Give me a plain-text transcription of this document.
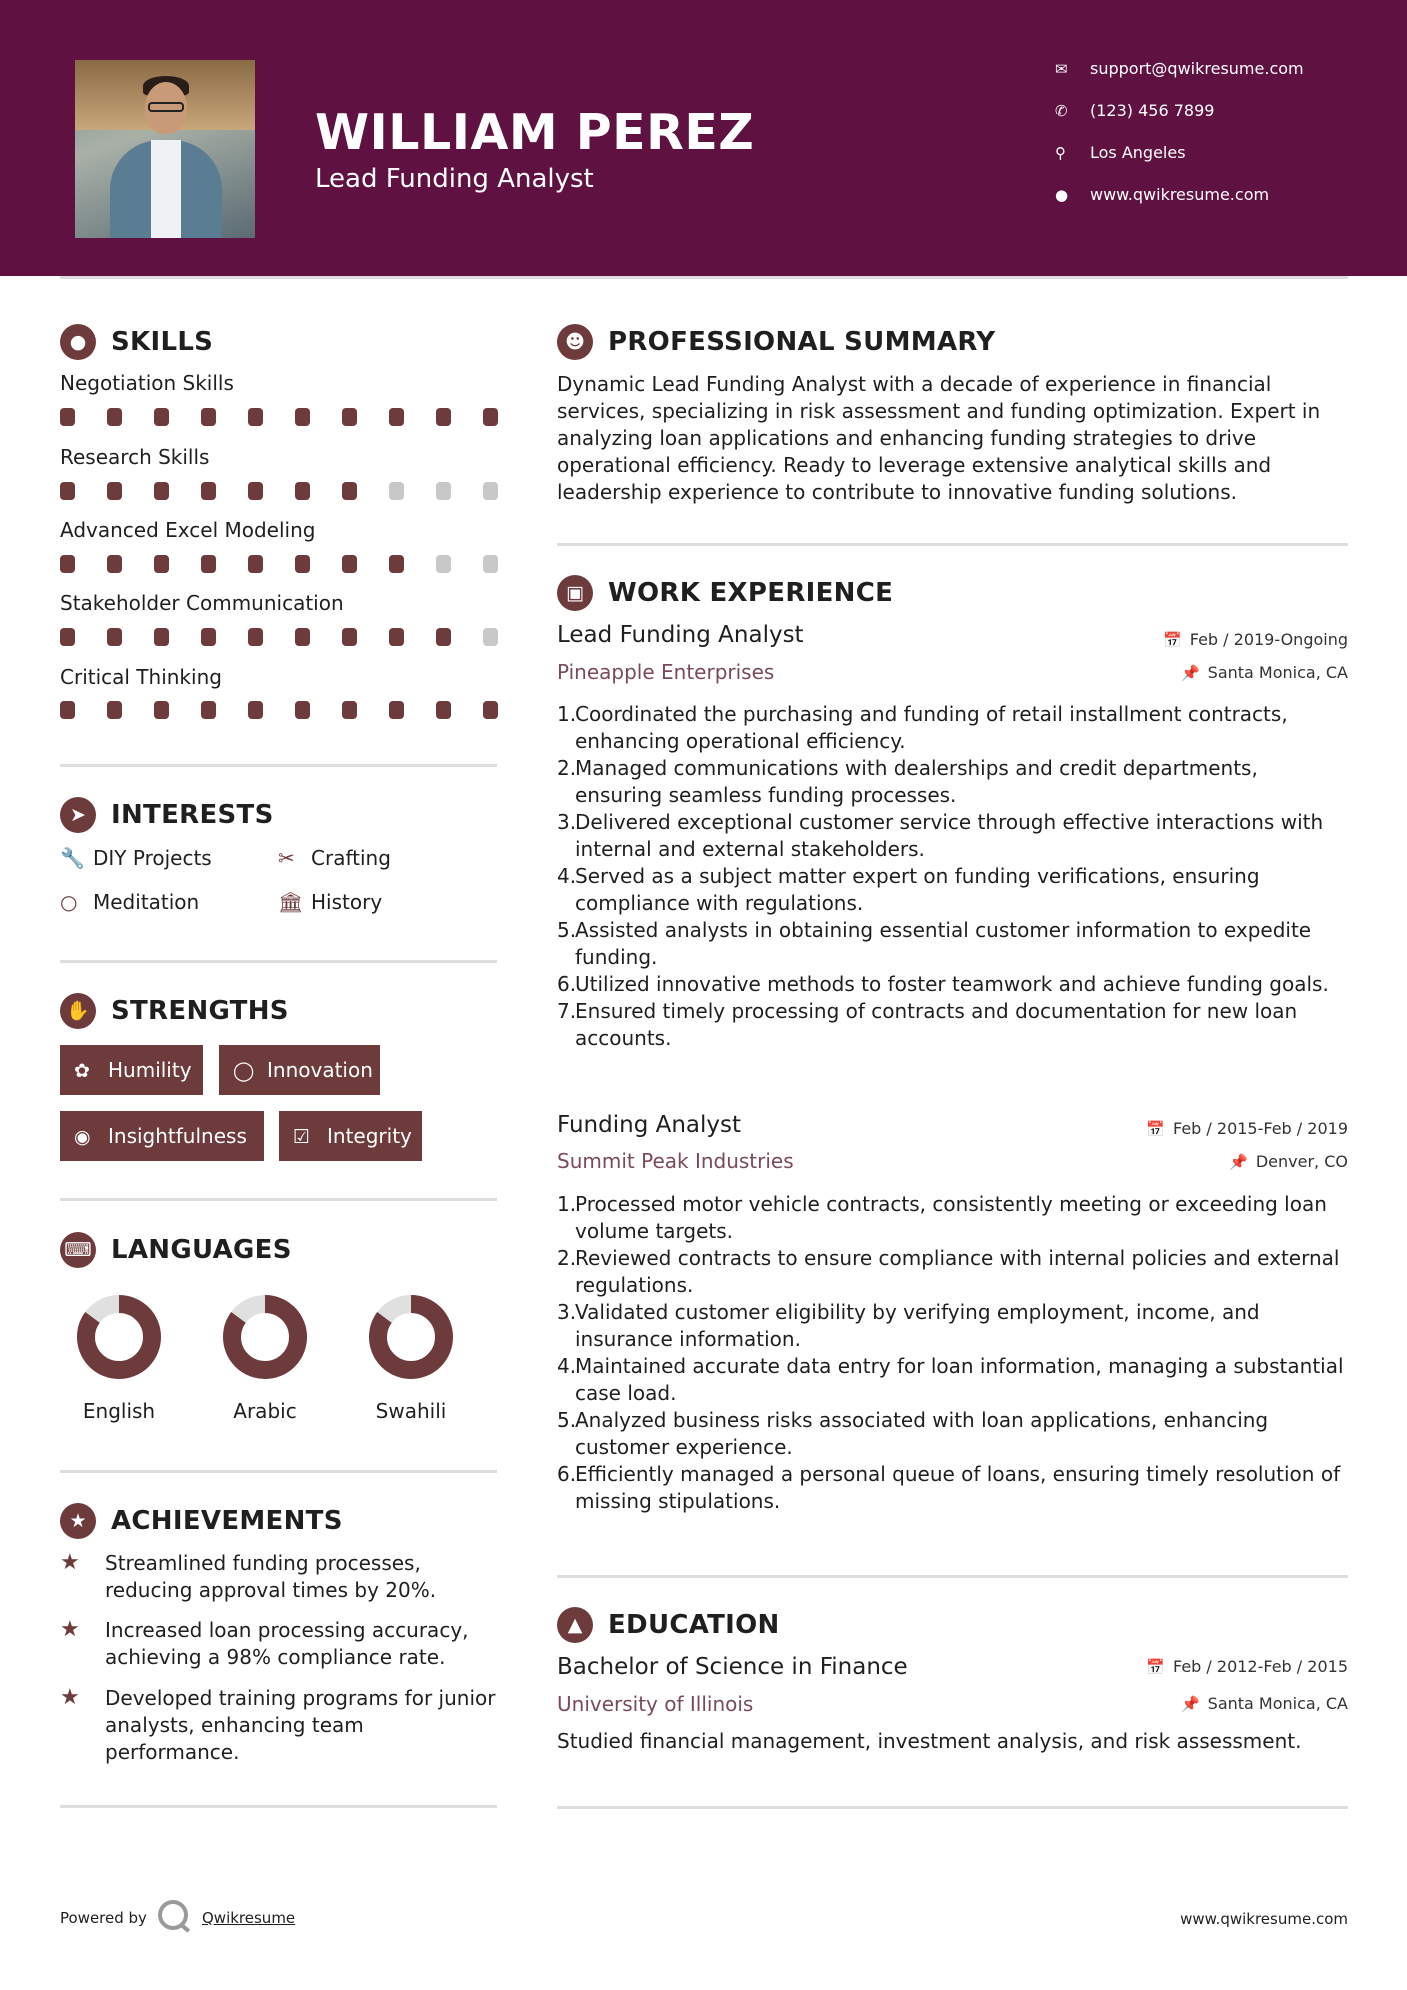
WILLIAM PEREZ
Lead Funding Analyst
✉ support@qwikresume.com
✆ (123) 456 7899
⚲ Los Angeles
● www.qwikresume.com
● SKILLS
Negotiation Skills
Research Skills
Advanced Excel Modeling
Stakeholder Communication
Critical Thinking
➤ INTERESTS
🔧 DIY Projects	✂ Crafting
○ Meditation	🏛 History
✋ STRENGTHS
✿ Humility	◯ Innovation
◉ Insightfulness	☑ Integrity
⌨ LANGUAGES
English	Arabic	Swahili
★ ACHIEVEMENTS
★ Streamlined funding processes, reducing approval times by 20%.
★ Increased loan processing accuracy, achieving a 98% compliance rate.
★ Developed training programs for junior analysts, enhancing team performance.
☻ PROFESSIONAL SUMMARY
Dynamic Lead Funding Analyst with a decade of experience in financial services, specializing in risk assessment and funding optimization. Expert in analyzing loan applications and enhancing funding strategies to drive operational efficiency. Ready to leverage extensive analytical skills and leadership experience to contribute to innovative funding solutions.
▣ WORK EXPERIENCE
Lead Funding Analyst	📅 Feb / 2019-Ongoing
Pineapple Enterprises	📌 Santa Monica, CA
1.
Coordinated the purchasing and funding of retail installment contracts, enhancing operational efficiency.
2.
Managed communications with dealerships and credit departments, ensuring seamless funding processes.
3.
Delivered exceptional customer service through effective interactions with internal and external stakeholders.
4.
Served as a subject matter expert on funding verifications, ensuring compliance with regulations.
5.
Assisted analysts in obtaining essential customer information to expedite funding.
6.
Utilized innovative methods to foster teamwork and achieve funding goals.
7.
Ensured timely processing of contracts and documentation for new loan accounts.
Funding Analyst	📅 Feb / 2015-Feb / 2019
Summit Peak Industries	📌 Denver, CO
1.
Processed motor vehicle contracts, consistently meeting or exceeding loan volume targets.
2.
Reviewed contracts to ensure compliance with internal policies and external regulations.
3.
Validated customer eligibility by verifying employment, income, and insurance information.
4.
Maintained accurate data entry for loan information, managing a substantial case load.
5.
Analyzed business risks associated with loan applications, enhancing customer experience.
6.
Efficiently managed a personal queue of loans, ensuring timely resolution of missing stipulations.
▲ EDUCATION
Bachelor of Science in Finance	📅 Feb / 2012-Feb / 2015
University of Illinois	📌 Santa Monica, CA
Studied financial management, investment analysis, and risk assessment.
Powered by	Qwikresume	www.qwikresume.com
